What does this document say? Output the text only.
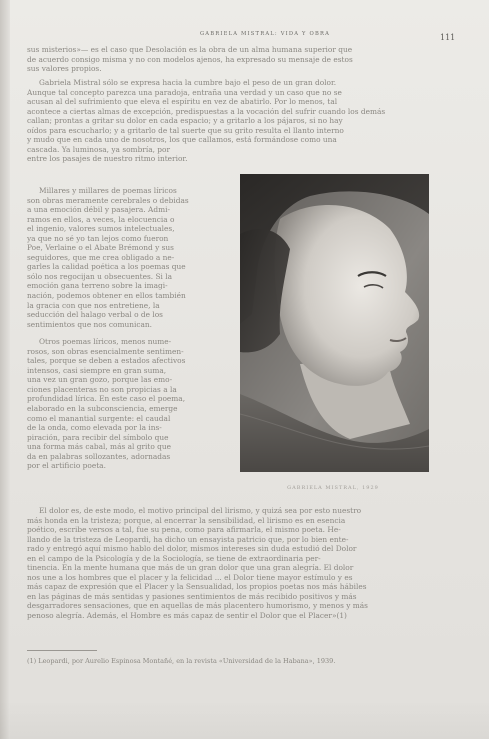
GABRIELA MISTRAL: VIDA Y OBRA	111

sus misterios»— es el caso que Desolación es la obra de un alma humana superior que

de acuerdo consigo misma y no con modelos ajenos, ha expresado su mensaje de estos

sus valores propios.

Gabriela Mistral sólo se expresa hacia la cumbre bajo el peso de un gran dolor.

Aunque tal concepto parezca una paradoja, entraña una verdad y un caso que no se

acusan al del sufrimiento que eleva el espíritu en vez de abatirlo. Por lo menos, tal

acontece a ciertas almas de excepción, predispuestas a la vocación del sufrir cuando los demás

callan; prontas a gritar su dolor en cada espacio; y a gritarlo a los pájaros, si no hay

oídos para escucharlo; y a gritarlo de tal suerte que su grito resulta el llanto interno

y mudo que en cada uno de nosotros, los que callamos, está formándose como una

cascada. Ya luminosa, ya sombría, por

entre los pasajes de nuestro ritmo interior.

Millares y millares de poemas líricos

son obras meramente cerebrales o debidas

a una emoción débil y pasajera. Admi-

ramos en ellos, a veces, la elocuencia o

el ingenio, valores sumos intelectuales,

ya que no sé yo tan lejos como fueron

Poe, Verlaine o el Abate Brémond y sus

seguidores, que me crea obligado a ne-

garles la calidad poética a los poemas que

sólo nos regocijan u obsecuentes. Si la

emoción gana terreno sobre la imagi-

nación, podemos obtener en ellos también

la gracia con que nos entretiene, la

seducción del halago verbal o de los

sentimientos que nos comunican.

Otros poemas líricos, menos nume-

rosos, son obras esencialmente sentimen-

tales, porque se deben a estados afectivos

intensos, casi siempre en gran suma,

una vez un gran gozo, porque las emo-

ciones placenteras no son propicias a la

profundidad lírica. En este caso el poema,

elaborado en la subconsciencia, emerge

como el manantial surgente: el caudal

de la onda, como elevada por la ins-

piración, para recibir del símbolo que

una forma más cabal, más al grito que

da en palabras sollozantes, adornadas

por el artificio poeta.

GABRIELA MISTRAL, 1929

El dolor es, de este modo, el motivo principal del lirismo, y quizá sea por esto nuestro

más honda en la tristeza; porque, al encerrar la sensibilidad, el lirismo es en esencia

poético, escribe versos a tal, fue su pena, como para afirmarla, el mismo poeta. He-

llando de la tristeza de Leopardi, ha dicho un ensayista patricio que, por lo bien ente-

rado y entregó aquí mismo hablo del dolor, mismos intereses sin duda estudió del Dolor

en el campo de la Psicología y de la Sociología, se tiene de extraordinaria per-

tinencia. En la mente humana que más de un gran dolor que una gran alegría. El dolor

nos une a los hombres que el placer y la felicidad ... el Dolor tiene mayor estímulo y es

más capaz de expresión que el Placer y la Sensualidad, los propios poetas nos más hábiles

en las páginas de más sentidas y pasiones sentimientos de más recibido positivos y más

desgarradores sensaciones, que en aquellas de más placentero humorismo, y menos y más

penoso alegría. Además, el Hombre es más capaz de sentir el Dolor que el Placer»(1)

(1) Leopardi, por Aurelio Espinosa Montañé, en la revista «Universidad de la Habana», 1939.
